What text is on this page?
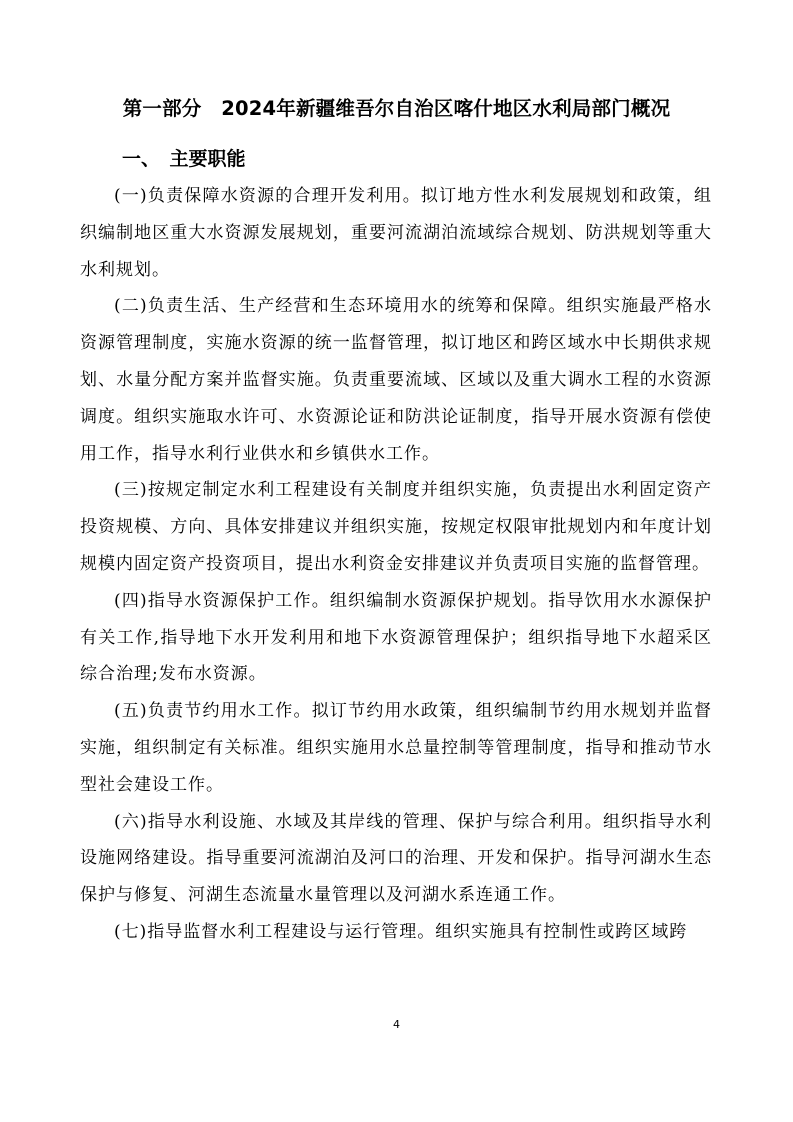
第一部分　2024年新疆维吾尔自治区喀什地区水利局部门概况
一、　主要职能

(一)负责保障水资源的合理开发利用。拟订地方性水利发展规划和政策，组织编制地区重大水资源发展规划，重要河流湖泊流域综合规划、防洪规划等重大水利规划。

(二)负责生活、生产经营和生态环境用水的统筹和保障。组织实施最严格水资源管理制度，实施水资源的统一监督管理，拟订地区和跨区域水中长期供求规划、水量分配方案并监督实施。负责重要流域、区域以及重大调水工程的水资源调度。组织实施取水许可、水资源论证和防洪论证制度，指导开展水资源有偿使用工作，指导水利行业供水和乡镇供水工作。

(三)按规定制定水利工程建设有关制度并组织实施，负责提出水利固定资产投资规模、方向、具体安排建议并组织实施，按规定权限审批规划内和年度计划规模内固定资产投资项目，提出水利资金安排建议并负责项目实施的监督管理。

(四)指导水资源保护工作。组织编制水资源保护规划。指导饮用水水源保护有关工作,指导地下水开发利用和地下水资源管理保护；组织指导地下水超采区综合治理;发布水资源。

(五)负责节约用水工作。拟订节约用水政策，组织编制节约用水规划并监督实施，组织制定有关标准。组织实施用水总量控制等管理制度，指导和推动节水型社会建设工作。

(六)指导水利设施、水域及其岸线的管理、保护与综合利用。组织指导水利设施网络建设。指导重要河流湖泊及河口的治理、开发和保护。指导河湖水生态保护与修复、河湖生态流量水量管理以及河湖水系连通工作。

(七)指导监督水利工程建设与运行管理。组织实施具有控制性或跨区域跨

4
